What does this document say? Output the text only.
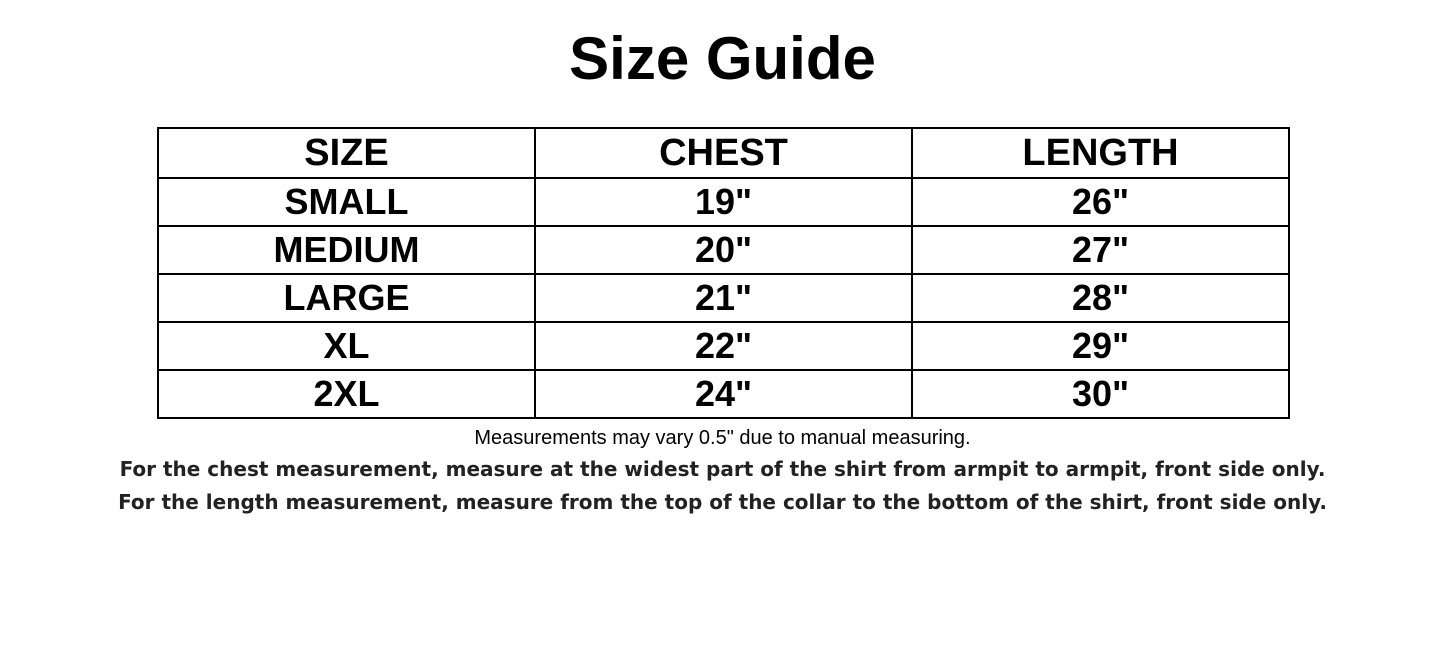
Size Guide
SIZE	CHEST	LENGTH
SMALL	19"	26"
MEDIUM	20"	27"
LARGE	21"	28"
XL	22"	29"
2XL	24"	30"
Measurements may vary 0.5" due to manual measuring.
For the chest measurement, measure at the widest part of the shirt from armpit to armpit, front side only.
For the length measurement, measure from the top of the collar to the bottom of the shirt, front side only.
